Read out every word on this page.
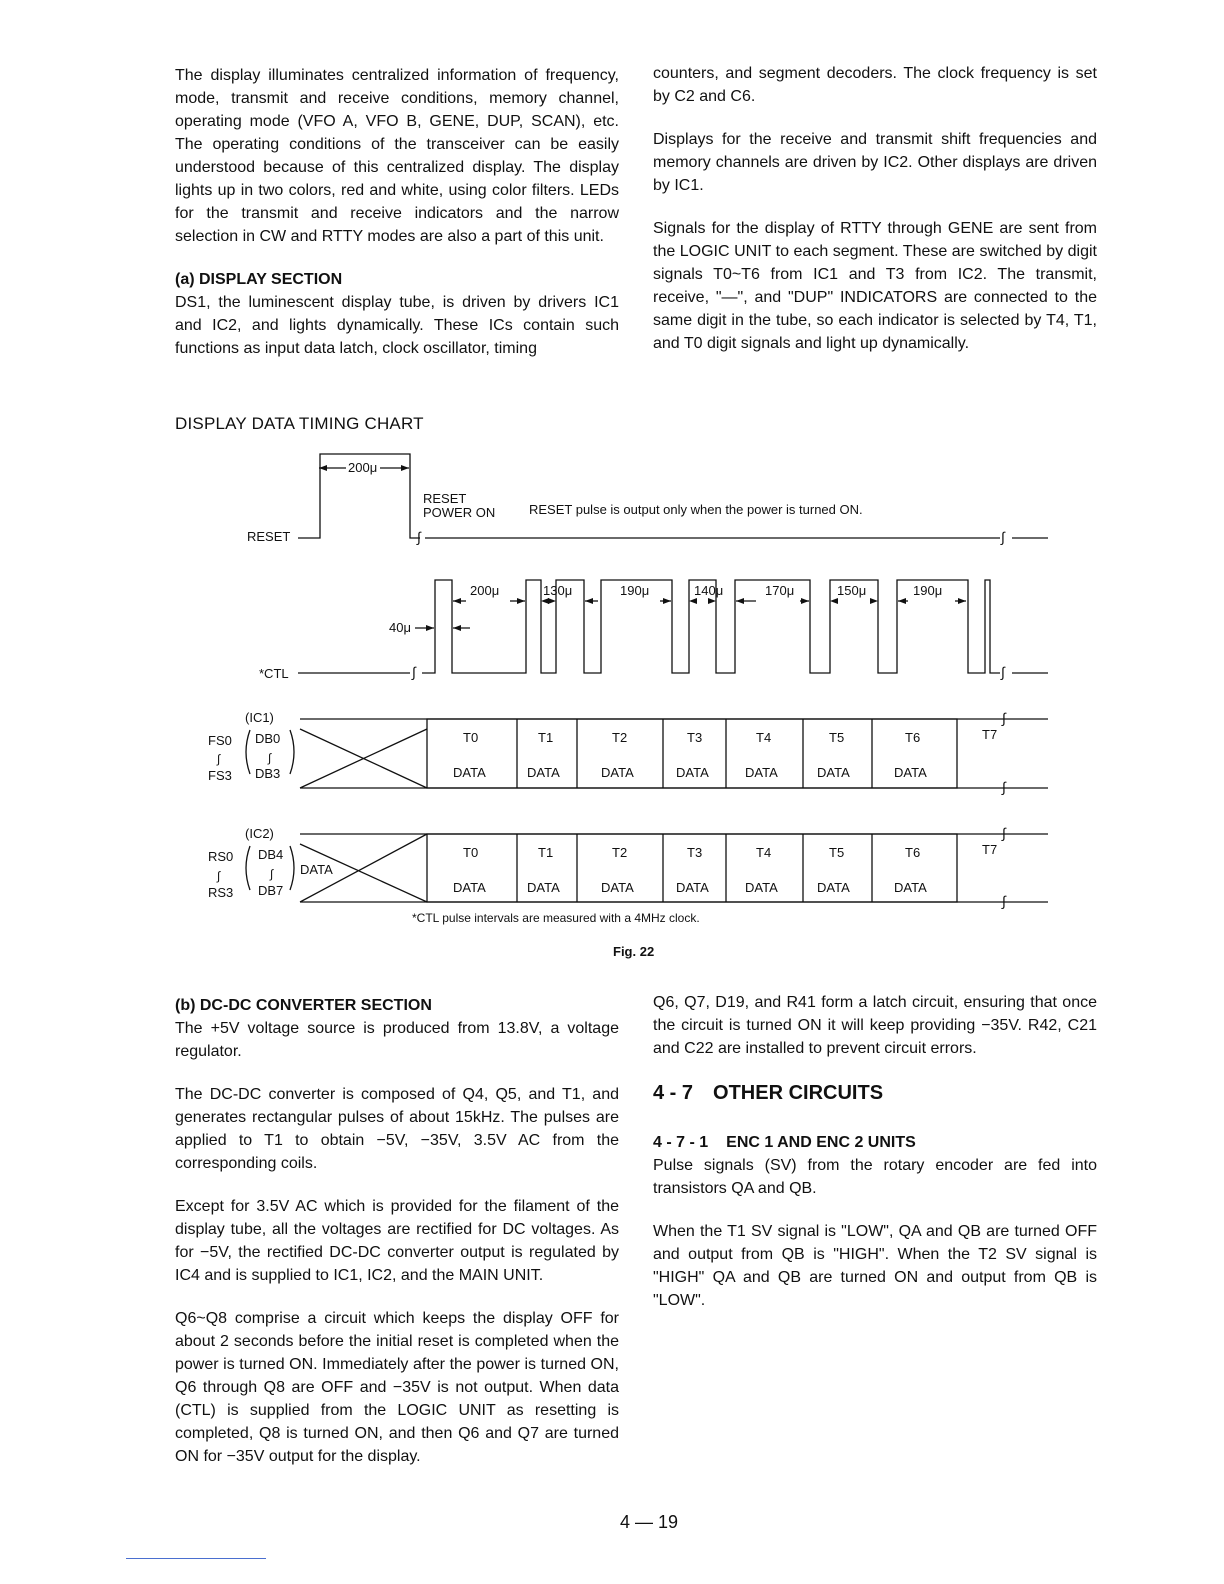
The display illuminates centralized information of frequency, mode, transmit and receive conditions, memory channel, operating mode (VFO A, VFO B, GENE, DUP, SCAN), etc. The operating conditions of the transceiver can be easily understood because of this centralized display. The display lights up in two colors, red and white, using color filters. LEDs for the transmit and receive indicators and the narrow selection in CW and RTTY modes are also a part of this unit.

(a) DISPLAY SECTION

DS1, the luminescent display tube, is driven by drivers IC1 and IC2, and lights dynamically. These ICs contain such functions as input data latch, clock oscillator, timing

counters, and segment decoders. The clock frequency is set by C2 and C6.

Displays for the receive and transmit shift frequencies and memory channels are driven by IC2. Other displays are driven by IC1.

Signals for the display of RTTY through GENE are sent from the LOGIC UNIT to each segment. These are switched by digit signals T0~T6 from IC1 and T3 from IC2. The transmit, receive, "—", and "DUP" INDICATORS are connected to the same digit in the tube, so each indicator is selected by T4, T1, and T0 digit signals and light up dynamically.

DISPLAY DATA TIMING CHART
RESET
200μ
RESET
POWER ON	RESET pulse is output only when the power is turned ON.
∫	∫
*CTL
40μ
∫	∫
200μ	130μ	190μ	140μ	170μ	150μ	190μ
(IC1)
FS0 DB0
FS3 DB3
∫	∫
∫
∫
T0	T1	T2	T3	T4	T5	T6	T7
DATA	DATA	DATA	DATA	DATA	DATA	DATA
(IC2)
RS0 DB4
RS3 DB7
DATA
∫	∫
∫
∫
T0	T1	T2	T3	T4	T5	T6	T7
DATA	DATA	DATA	DATA	DATA	DATA	DATA
*CTL pulse intervals are measured with a 4MHz clock.
Fig. 22
(b) DC-DC CONVERTER SECTION

The +5V voltage source is produced from 13.8V, a voltage regulator.

The DC-DC converter is composed of Q4, Q5, and T1, and generates rectangular pulses of about 15kHz. The pulses are applied to T1 to obtain −5V, −35V, 3.5V AC from the corresponding coils.

Except for 3.5V AC which is provided for the filament of the display tube, all the voltages are rectified for DC voltages. As for −5V, the rectified DC-DC converter output is regulated by IC4 and is supplied to IC1, IC2, and the MAIN UNIT.

Q6~Q8 comprise a circuit which keeps the display OFF for about 2 seconds before the initial reset is completed when the power is turned ON. Immediately after the power is turned ON, Q6 through Q8 are OFF and −35V is not output. When data (CTL) is supplied from the LOGIC UNIT as resetting is completed, Q8 is turned ON, and then Q6 and Q7 are turned ON for −35V output for the display.

Q6, Q7, D19, and R41 form a latch circuit, ensuring that once the circuit is turned ON it will keep providing −35V. R42, C21 and C22 are installed to prevent circuit errors.

4 - 7 OTHER CIRCUITS
4 - 7 - 1 ENC 1 AND ENC 2 UNITS

Pulse signals (SV) from the rotary encoder are fed into transistors QA and QB.

When the T1 SV signal is "LOW", QA and QB are turned OFF and output from QB is "HIGH". When the T2 SV signal is "HIGH" QA and QB are turned ON and output from QB is "LOW".

4 — 19
